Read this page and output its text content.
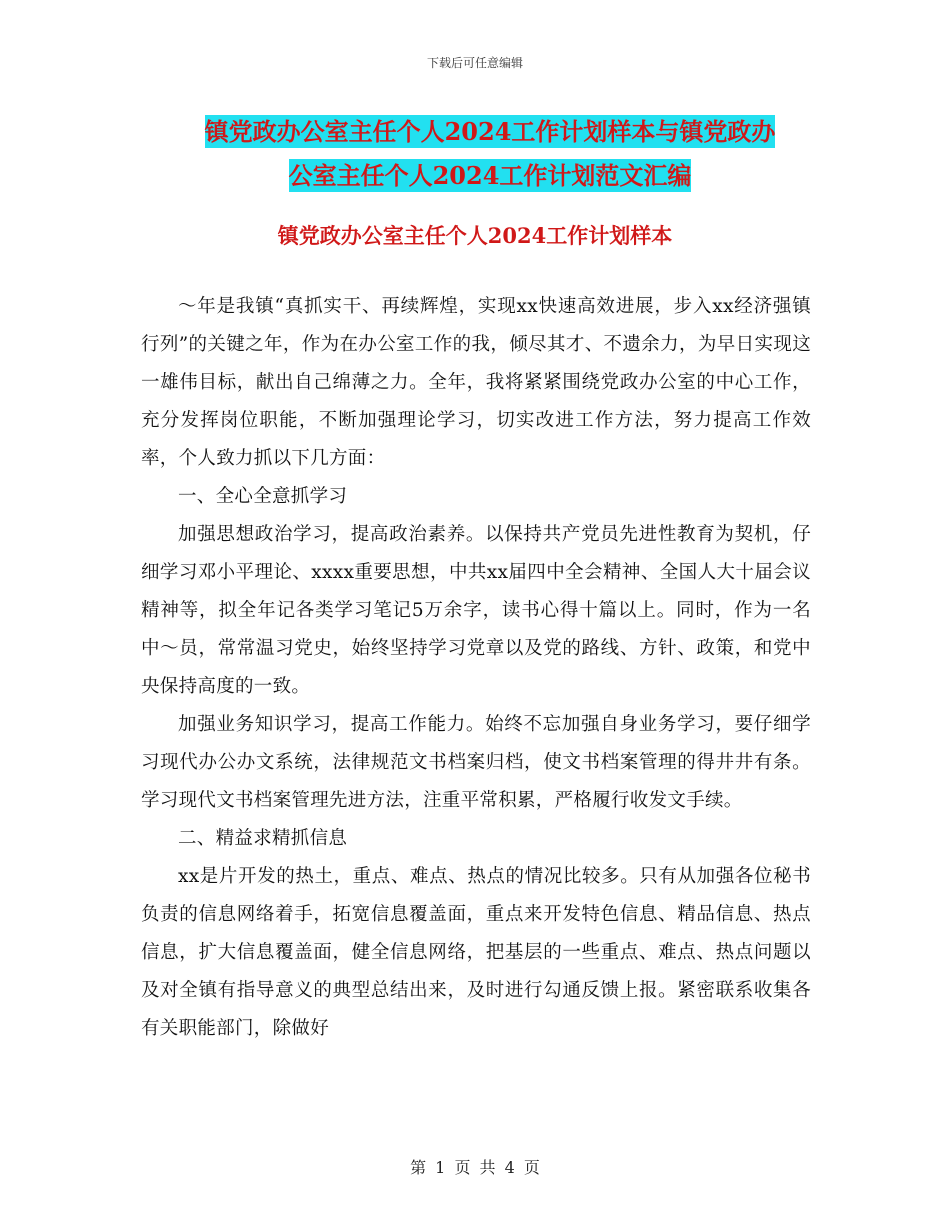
下载后可任意编辑
镇党政办公室主任个人2024工作计划样本与镇党政办
公室主任个人2024工作计划范文汇编
镇党政办公室主任个人2024工作计划样本

～年是我镇“真抓实干、再续辉煌，实现xx快速高效进展，步入xx经济强镇行列”的关键之年，作为在办公室工作的我，倾尽其才、不遗余力，为早日实现这一雄伟目标，献出自己绵薄之力。全年，我将紧紧围绕党政办公室的中心工作，充分发挥岗位职能，不断加强理论学习，切实改进工作方法，努力提高工作效率，个人致力抓以下几方面：

一、全心全意抓学习

加强思想政治学习，提高政治素养。以保持共产党员先进性教育为契机，仔细学习邓小平理论、xxxx重要思想，中共xx届四中全会精神、全国人大十届会议精神等，拟全年记各类学习笔记5万余字，读书心得十篇以上。同时，作为一名中～员，常常温习党史，始终坚持学习党章以及党的路线、方针、政策，和党中央保持高度的一致。

加强业务知识学习，提高工作能力。始终不忘加强自身业务学习，要仔细学习现代办公办文系统，法律规范文书档案归档，使文书档案管理的得井井有条。学习现代文书档案管理先进方法，注重平常积累，严格履行收发文手续。

二、精益求精抓信息

xx是片开发的热土，重点、难点、热点的情况比较多。只有从加强各位秘书负责的信息网络着手，拓宽信息覆盖面，重点来开发特色信息、精品信息、热点信息，扩大信息覆盖面，健全信息网络，把基层的一些重点、难点、热点问题以及对全镇有指导意义的典型总结出来，及时进行勾通反馈上报。紧密联系收集各有关职能部门，除做好

第 1 页 共 4 页
